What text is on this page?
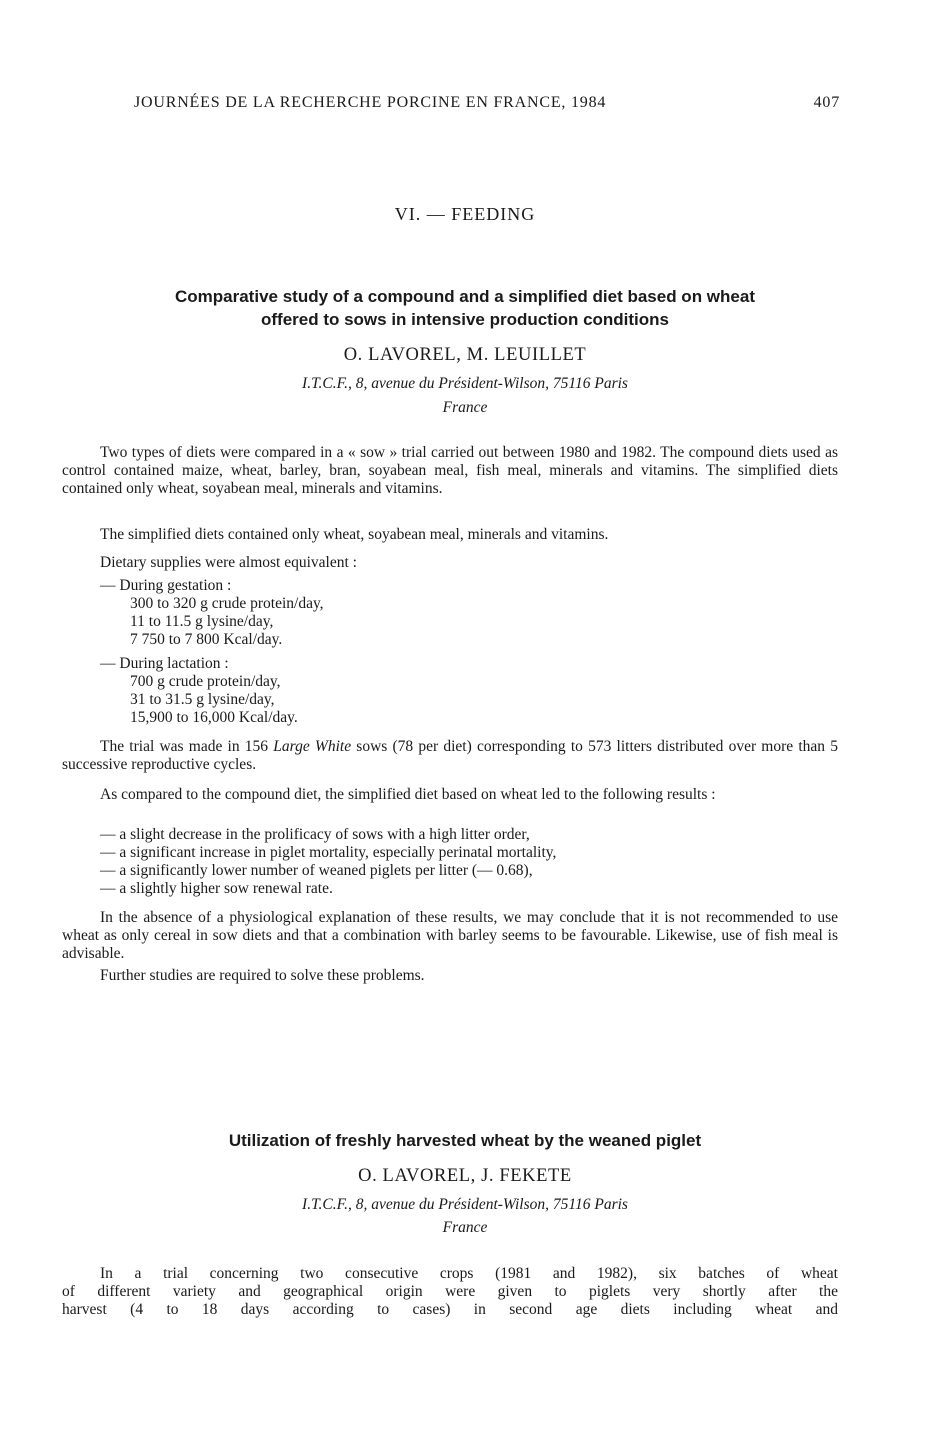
JOURNÉES DE LA RECHERCHE PORCINE EN FRANCE, 1984	407
VI. — FEEDING
Comparative study of a compound and a simplified diet based on wheat
offered to sows in intensive production conditions
O. LAVOREL, M. LEUILLET
I.T.C.F., 8, avenue du Président-Wilson, 75116 Paris
France
Two types of diets were compared in a « sow » trial carried out between 1980 and 1982. The compound diets used as control contained maize, wheat, barley, bran, soyabean meal, fish meal, minerals and vitamins. The simplified diets contained only wheat, soyabean meal, minerals and vitamins.
The simplified diets contained only wheat, soyabean meal, minerals and vitamins.
Dietary supplies were almost equivalent :
— During gestation :
300 to 320 g crude protein/day,
11 to 11.5 g lysine/day,
7 750 to 7 800 Kcal/day.
— During lactation :
700 g crude protein/day,
31 to 31.5 g lysine/day,
15,900 to 16,000 Kcal/day.
The trial was made in 156 Large White sows (78 per diet) corresponding to 573 litters distributed over more than 5 successive reproductive cycles.
As compared to the compound diet, the simplified diet based on wheat led to the following results :
— a slight decrease in the prolificacy of sows with a high litter order,
— a significant increase in piglet mortality, especially perinatal mortality,
— a significantly lower number of weaned piglets per litter (— 0.68),
— a slightly higher sow renewal rate.
In the absence of a physiological explanation of these results, we may conclude that it is not recommended to use wheat as only cereal in sow diets and that a combination with barley seems to be favourable. Likewise, use of fish meal is advisable.
Further studies are required to solve these problems.
Utilization of freshly harvested wheat by the weaned piglet
O. LAVOREL, J. FEKETE
I.T.C.F., 8, avenue du Président-Wilson, 75116 Paris
France
In a trial concerning two consecutive crops (1981 and 1982), six batches of wheat
of different variety and geographical origin were given to piglets very shortly after the
harvest (4 to 18 days according to cases) in second age diets including wheat and
